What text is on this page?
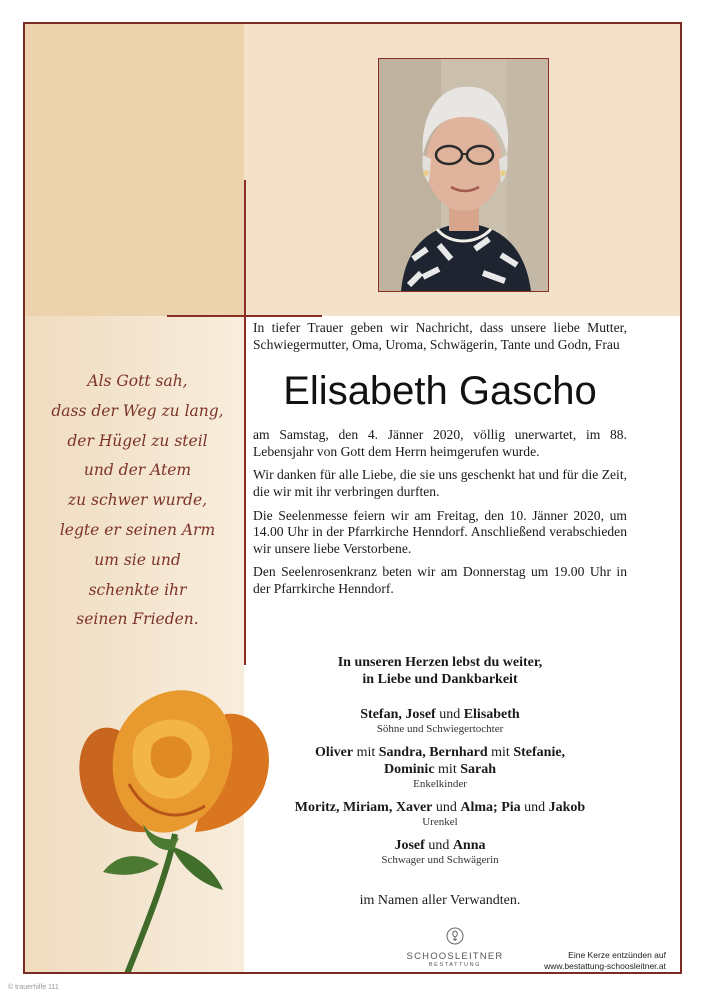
Als Gott sah,
dass der Weg zu lang,
der Hügel zu steil
und der Atem
zu schwer wurde,
legte er seinen Arm
um sie und
schenkte ihr
seinen Frieden.

In tiefer Trauer geben wir Nachricht, dass unsere liebe Mutter, Schwiegermutter, Oma, Uroma, Schwägerin, Tante und Godn, Frau

Elisabeth Gascho

am Samstag, den 4. Jänner 2020, völlig unerwartet, im 88. Lebensjahr von Gott dem Herrn heimgerufen wurde.

Wir danken für alle Liebe, die sie uns geschenkt hat und für die Zeit, die wir mit ihr verbringen durften.

Die Seelenmesse feiern wir am Freitag, den 10. Jänner 2020, um 14.00 Uhr in der Pfarrkirche Henndorf. Anschließend verabschieden wir unsere liebe Verstorbene.

Den Seelenrosenkranz beten wir am Donnerstag um 19.00 Uhr in der Pfarrkirche Henndorf.

In unseren Herzen lebst du weiter,
in Liebe und Dankbarkeit
Stefan, Josef und Elisabeth
Söhne und Schwiegertochter
Oliver mit Sandra, Bernhard mit Stefanie,
Dominic mit Sarah
Enkelkinder
Moritz, Miriam, Xaver und Alma; Pia und Jakob
Urenkel
Josef und Anna
Schwager und Schwägerin
im Namen aller Verwandten.
SCHOOSLEITNER
BESTATTUNG
Eine Kerze entzünden auf
www.bestattung-schoosleitner.at
© trauerhilfe 111
